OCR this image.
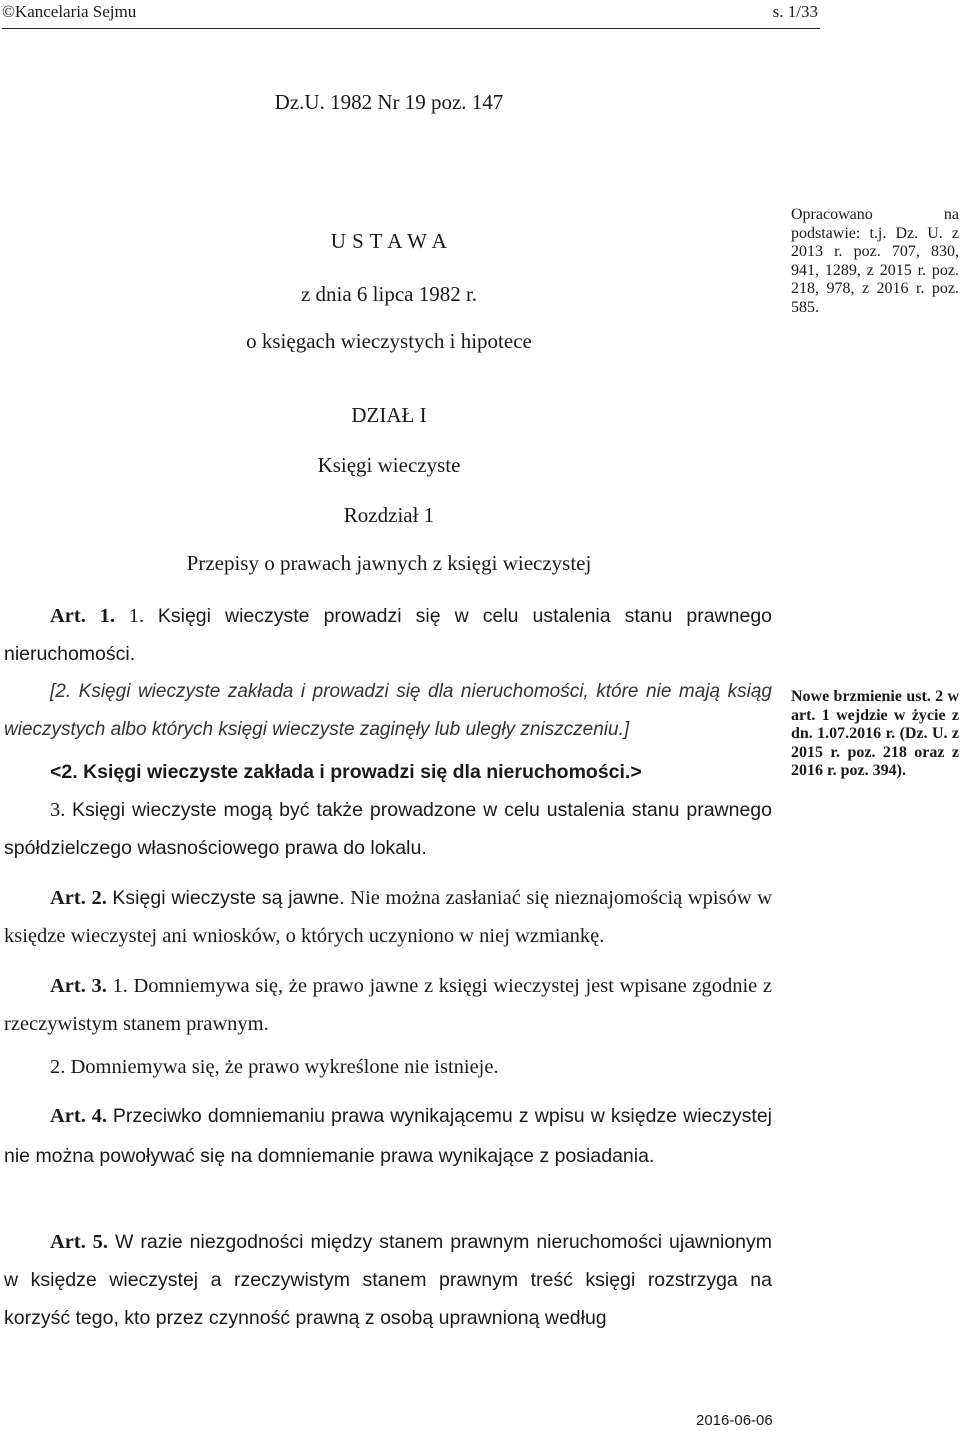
©Kancelaria Sejmu	s. 1/33
Dz.U. 1982 Nr 19 poz. 147
U S T A W A
z dnia 6 lipca 1982 r.
o księgach wieczystych i hipotece
Opracowano na podstawie: t.j. Dz. U. z 2013 r. poz. 707, 830, 941, 1289, z 2015 r. poz. 218, 978, z 2016 r. poz. 585.
DZIAŁ I
Księgi wieczyste
Rozdział 1
Przepisy o prawach jawnych z księgi wieczystej
Art. 1. 1. Księgi wieczyste prowadzi się w celu ustalenia stanu prawnego nieruchomości.
[2. Księgi wieczyste zakłada i prowadzi się dla nieruchomości, które nie mają ksiąg wieczystych albo których księgi wieczyste zaginęły lub uległy zniszczeniu.]
<2. Księgi wieczyste zakłada i prowadzi się dla nieruchomości.>
3. Księgi wieczyste mogą być także prowadzone w celu ustalenia stanu prawnego spółdzielczego własnościowego prawa do lokalu.
Nowe brzmienie ust. 2 w art. 1 wejdzie w życie z dn. 1.07.2016 r. (Dz. U. z 2015 r. poz. 218 oraz z 2016 r. poz. 394).
Art. 2. Księgi wieczyste są jawne. Nie można zasłaniać się nieznajomością wpisów w księdze wieczystej ani wniosków, o których uczyniono w niej wzmiankę.
Art. 3. 1. Domniemywa się, że prawo jawne z księgi wieczystej jest wpisane zgodnie z rzeczywistym stanem prawnym.
2. Domniemywa się, że prawo wykreślone nie istnieje.
Art. 4. Przeciwko domniemaniu prawa wynikającemu z wpisu w księdze wieczystej nie można powoływać się na domniemanie prawa wynikające z posiadania.
Art. 5. W razie niezgodności między stanem prawnym nieruchomości ujawnionym w księdze wieczystej a rzeczywistym stanem prawnym treść księgi rozstrzyga na korzyść tego, kto przez czynność prawną z osobą uprawnioną według
2016-06-06
